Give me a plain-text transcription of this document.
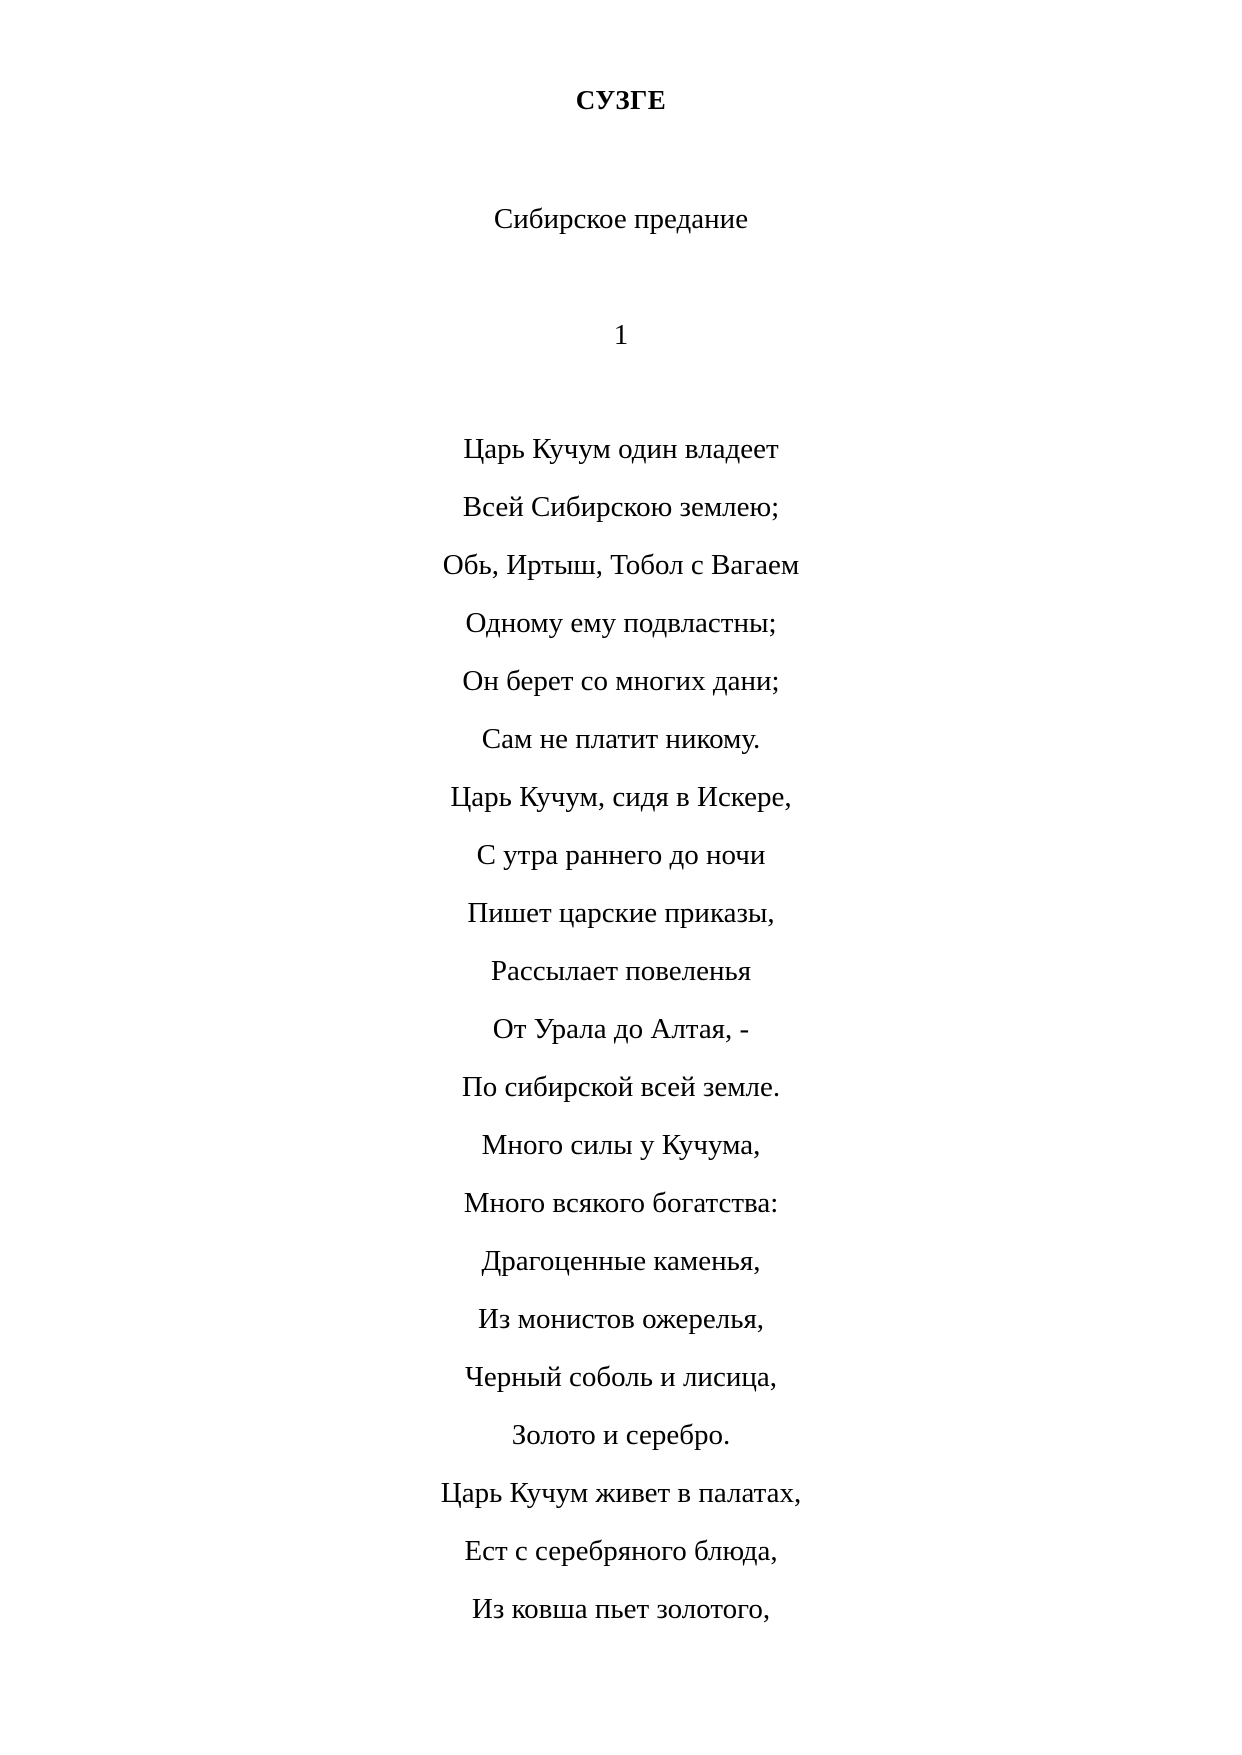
СУЗГЕ
Сибирское предание
1
Царь Кучум один владеет
Всей Сибирскою землею;
Обь, Иртыш, Тобол с Вагаем
Одному ему подвластны;
Он берет со многих дани;
Сам не платит никому.
Царь Кучум, сидя в Искере,
С утра раннего до ночи
Пишет царские приказы,
Рассылает повеленья
От Урала до Алтая, -
По сибирской всей земле.
Много силы у Кучума,
Много всякого богатства:
Драгоценные каменья,
Из монистов ожерелья,
Черный соболь и лисица,
Золото и серебро.
Царь Кучум живет в палатах,
Ест с серебряного блюда,
Из ковша пьет золотого,
